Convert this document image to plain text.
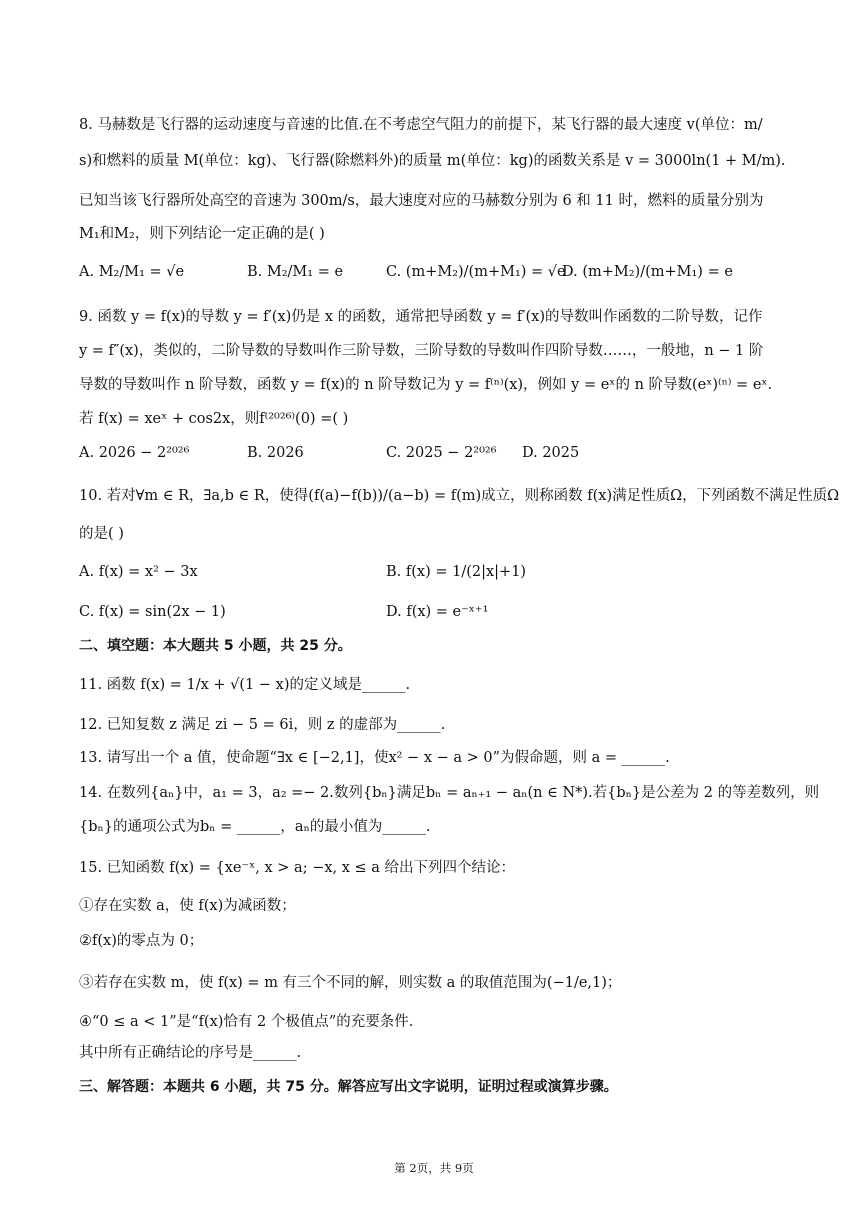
8. 马赫数是飞行器的运动速度与音速的比值.在不考虑空气阻力的前提下，某飞行器的最大速度 v(单位：m/
s)和燃料的质量 M(单位：kg)、飞行器(除燃料外)的质量 m(单位：kg)的函数关系是 v = 3000ln(1 + M/m).
已知当该飞行器所处高空的音速为 300m/s，最大速度对应的马赫数分别为 6 和 11 时，燃料的质量分别为
M₁和M₂，则下列结论一定正确的是( )
A. M₂/M₁ = √e	B. M₂/M₁ = e	C. (m+M₂)/(m+M₁) = √e
D. (m+M₂)/(m+M₁) = e
9. 函数 y = f(x)的导数 y = f′(x)仍是 x 的函数，通常把导函数 y = f′(x)的导数叫作函数的二阶导数，记作
y = f″(x)，类似的，二阶导数的导数叫作三阶导数，三阶导数的导数叫作四阶导数……，一般地，n − 1 阶
导数的导数叫作 n 阶导数，函数 y = f(x)的 n 阶导数记为 y = f⁽ⁿ⁾(x)，例如 y = eˣ的 n 阶导数(eˣ)⁽ⁿ⁾ = eˣ.
若 f(x) = xeˣ + cos2x，则f⁽²⁰²⁶⁾(0) =( )
A. 2026 − 2²⁰²⁶	B. 2026	C. 2025 − 2²⁰²⁶ D. 2025
10. 若对∀m ∈ R，∃a,b ∈ R，使得(f(a)−f(b))/(a−b) = f(m)成立，则称函数 f(x)满足性质Ω，下列函数不满足性质Ω
的是( )
A. f(x) = x² − 3x	B. f(x) = 1/(2|x|+1)
C. f(x) = sin(2x − 1)	D. f(x) = e⁻ˣ⁺¹
二、填空题：本大题共 5 小题，共 25 分。
11. 函数 f(x) = 1/x + √(1 − x)的定义域是______.
12. 已知复数 z 满足 zi − 5 = 6i，则 z 的虚部为______.
13. 请写出一个 a 值，使命题“∃x ∈ [−2,1]，使x² − x − a > 0”为假命题，则 a = ______.
14. 在数列{aₙ}中，a₁ = 3，a₂ =− 2.数列{bₙ}满足bₙ = aₙ₊₁ − aₙ(n ∈ N*).若{bₙ}是公差为 2 的等差数列，则
{bₙ}的通项公式为bₙ = ______，aₙ的最小值为______.
15. 已知函数 f(x) = {xe⁻ˣ, x > a; −x, x ≤ a 给出下列四个结论：
①存在实数 a，使 f(x)为减函数；
②f(x)的零点为 0；
③若存在实数 m，使 f(x) = m 有三个不同的解，则实数 a 的取值范围为(−1/e,1)；
④“0 ≤ a < 1”是“f(x)恰有 2 个极值点”的充要条件.
其中所有正确结论的序号是______.
三、解答题：本题共 6 小题，共 75 分。解答应写出文字说明，证明过程或演算步骤。
第 2页，共 9页
